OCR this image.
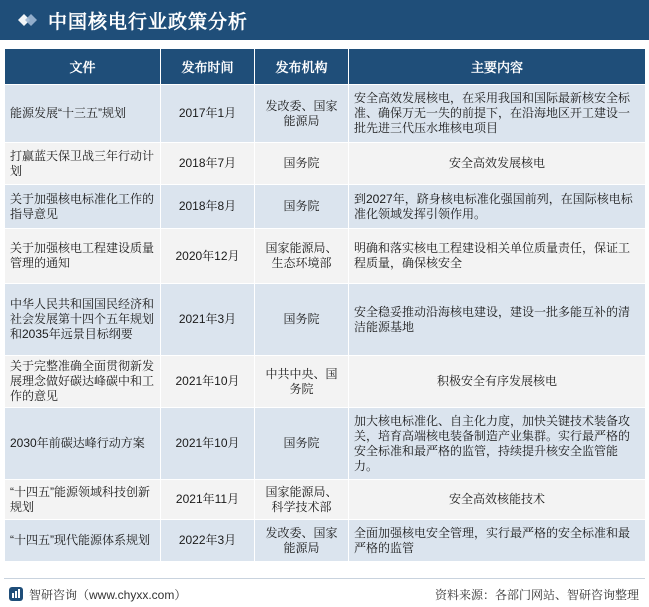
中国核电行业政策分析
文件	发布时间	发布机构	主要内容
能源发展“十三五”规划	2017年1月	发改委、国家能源局	安全高效发展核电，在采用我国和国际最新核安全标准、确保万无一失的前提下，在沿海地区开工建设一批先进三代压水堆核电项目
打赢蓝天保卫战三年行动计划	2018年7月	国务院	安全高效发展核电
关于加强核电标准化工作的指导意见	2018年8月	国务院	到2027年，跻身核电标准化强国前列，在国际核电标准化领域发挥引领作用。
关于加强核电工程建设质量管理的通知	2020年12月	国家能源局、生态环境部	明确和落实核电工程建设相关单位质量责任，保证工程质量，确保核安全
中华人民共和国国民经济和社会发展第十四个五年规划和2035年远景目标纲要	2021年3月	国务院	安全稳妥推动沿海核电建设，建设一批多能互补的清洁能源基地
关于完整准确全面贯彻新发展理念做好碳达峰碳中和工作的意见	2021年10月	中共中央、国务院	积极安全有序发展核电
2030年前碳达峰行动方案	2021年10月	国务院	加大核电标准化、自主化力度，加快关键技术装备攻关，培育高端核电装备制造产业集群。实行最严格的安全标准和最严格的监管，持续提升核安全监管能力。
“十四五”能源领域科技创新规划	2021年11月	国家能源局、科学技术部	安全高效核能技术
“十四五”现代能源体系规划	2022年3月	发改委、国家能源局	全面加强核电安全管理，实行最严格的安全标准和最严格的监管
智研咨询（www.chyxx.com）	资料来源：各部门网站、智研咨询整理
